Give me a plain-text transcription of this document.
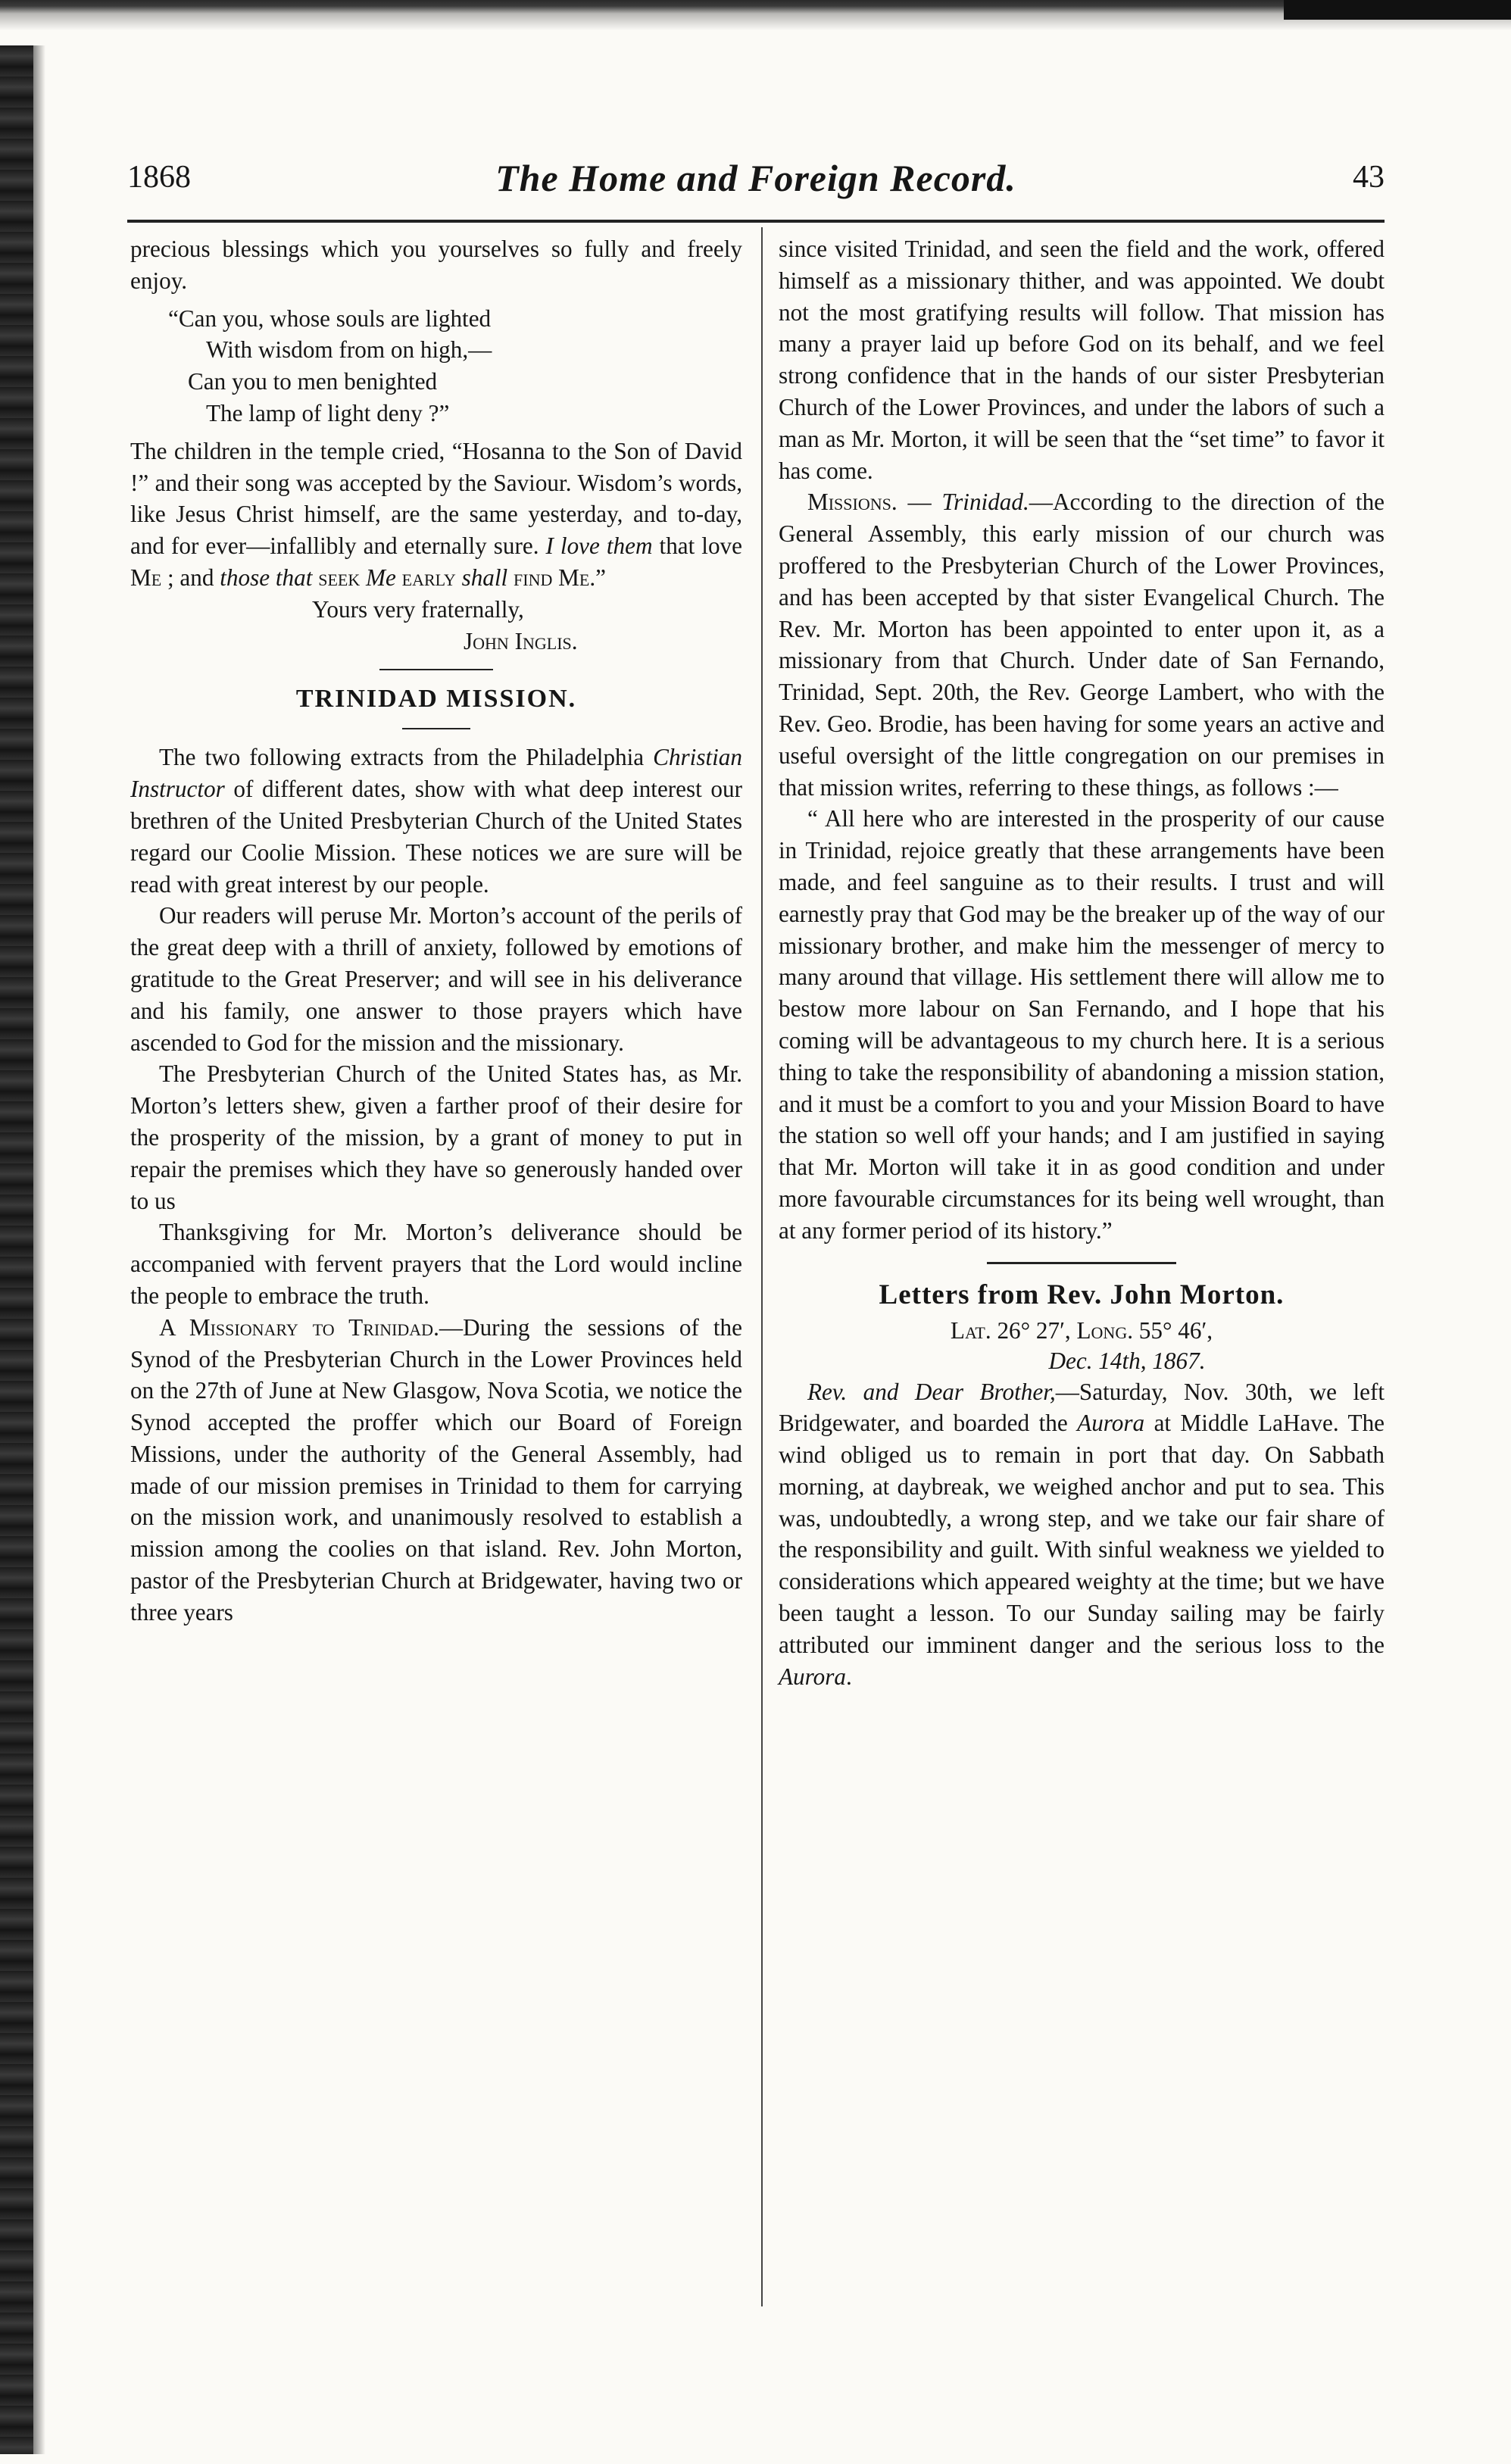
1868	The Home and Foreign Record.	43

precious blessings which you yourselves so fully and freely enjoy.

“Can you, whose souls are lighted
With wisdom from on high,—
Can you to men benighted
The lamp of light deny ?”

The children in the temple cried, “Hosanna to the Son of David !” and their song was accepted by the Saviour. Wisdom’s words, like Jesus Christ himself, are the same yesterday, and to-day, and for ever—infallibly and eternally sure. I love them that love Me ; and those that seek Me early shall find Me.”

Yours very fraternally,
John Inglis.
TRINIDAD MISSION.

The two following extracts from the Philadelphia Christian Instructor of different dates, show with what deep interest our brethren of the United Presbyterian Church of the United States regard our Coolie Mission. These notices we are sure will be read with great interest by our people.

Our readers will peruse Mr. Morton’s account of the perils of the great deep with a thrill of anxiety, followed by emotions of gratitude to the Great Preserver; and will see in his deliverance and his family, one answer to those prayers which have ascended to God for the mission and the missionary.

The Presbyterian Church of the United States has, as Mr. Morton’s letters shew, given a farther proof of their desire for the prosperity of the mission, by a grant of money to put in repair the premises which they have so generously handed over to us

Thanksgiving for Mr. Morton’s deliverance should be accompanied with fervent prayers that the Lord would incline the people to embrace the truth.

A Missionary to Trinidad.—During the sessions of the Synod of the Presbyterian Church in the Lower Provinces held on the 27th of June at New Glasgow, Nova Scotia, we notice the Synod accepted the proffer which our Board of Foreign Missions, under the authority of the General Assembly, had made of our mission premises in Trinidad to them for carrying on the mission work, and unanimously resolved to establish a mission among the coolies on that island. Rev. John Morton, pastor of the Presbyterian Church at Bridgewater, having two or three years

since visited Trinidad, and seen the field and the work, offered himself as a missionary thither, and was appointed. We doubt not the most gratifying results will follow. That mission has many a prayer laid up before God on its behalf, and we feel strong confidence that in the hands of our sister Presbyterian Church of the Lower Provinces, and under the labors of such a man as Mr. Morton, it will be seen that the “set time” to favor it has come.

Missions. — Trinidad.—According to the direction of the General Assembly, this early mission of our church was proffered to the Presbyterian Church of the Lower Provinces, and has been accepted by that sister Evangelical Church. The Rev. Mr. Morton has been appointed to enter upon it, as a missionary from that Church. Under date of San Fernando, Trinidad, Sept. 20th, the Rev. George Lambert, who with the Rev. Geo. Brodie, has been having for some years an active and useful oversight of the little congregation on our premises in that mission writes, referring to these things, as follows :—

“ All here who are interested in the prosperity of our cause in Trinidad, rejoice greatly that these arrangements have been made, and feel sanguine as to their results. I trust and will earnestly pray that God may be the breaker up of the way of our missionary brother, and make him the messenger of mercy to many around that village. His settlement there will allow me to bestow more labour on San Fernando, and I hope that his coming will be advantageous to my church here. It is a serious thing to take the responsibility of abandoning a mission station, and it must be a comfort to you and your Mission Board to have the station so well off your hands; and I am justified in saying that Mr. Morton will take it in as good condition and under more favourable circumstances for its being well wrought, than at any former period of its history.”

Letters from Rev. John Morton.
Lat. 26° 27′, Long. 55° 46′,
Dec. 14th, 1867.

Rev. and Dear Brother,—Saturday, Nov. 30th, we left Bridgewater, and boarded the Aurora at Middle LaHave. The wind obliged us to remain in port that day. On Sabbath morning, at daybreak, we weighed anchor and put to sea. This was, undoubtedly, a wrong step, and we take our fair share of the responsibility and guilt. With sinful weakness we yielded to considerations which appeared weighty at the time; but we have been taught a lesson. To our Sunday sailing may be fairly attributed our imminent danger and the serious loss to the Aurora.
